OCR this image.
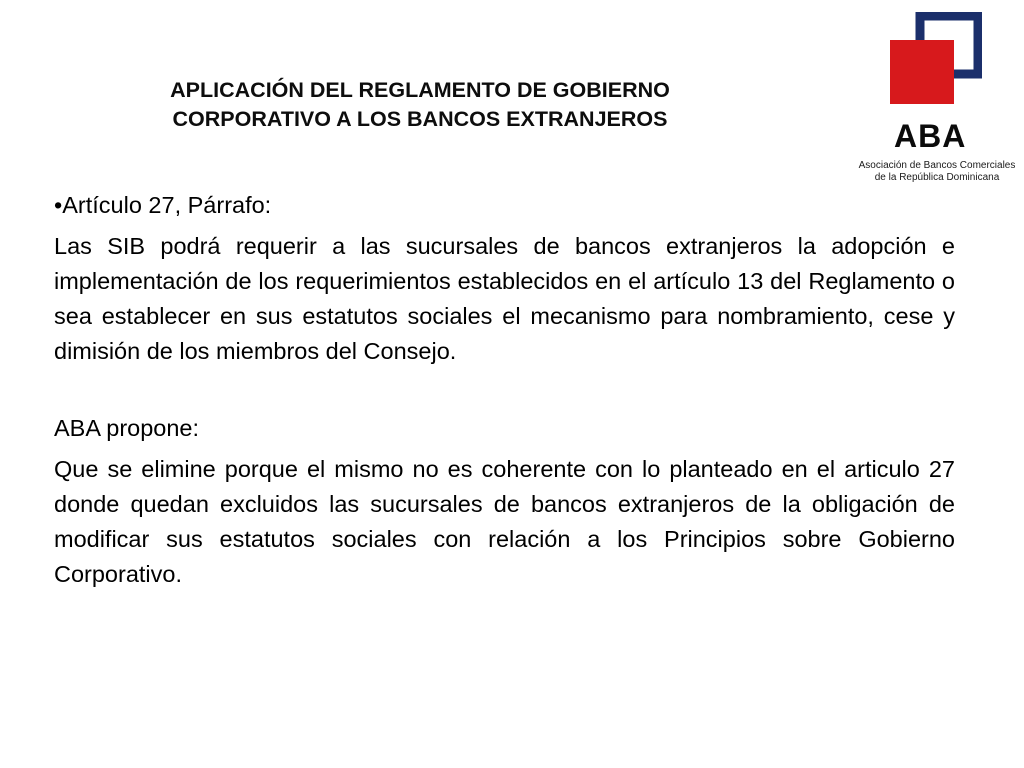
APLICACIÓN DEL REGLAMENTO DE GOBIERNO
CORPORATIVO A LOS BANCOS EXTRANJEROS	ABA
Asociación de Bancos Comerciales
de la República Dominicana

•Artículo 27, Párrafo:

Las SIB podrá requerir a las sucursales de bancos extranjeros la adopción e implementación de los requerimientos establecidos en el artículo 13 del Reglamento o sea establecer en sus estatutos sociales el mecanismo para nombramiento, cese y dimisión de los miembros del Consejo.

ABA propone:

Que se elimine porque el mismo no es coherente con lo planteado en el articulo 27 donde quedan excluidos las sucursales de bancos extranjeros de la obligación de modificar sus estatutos sociales con relación a los Principios sobre Gobierno Corporativo.
